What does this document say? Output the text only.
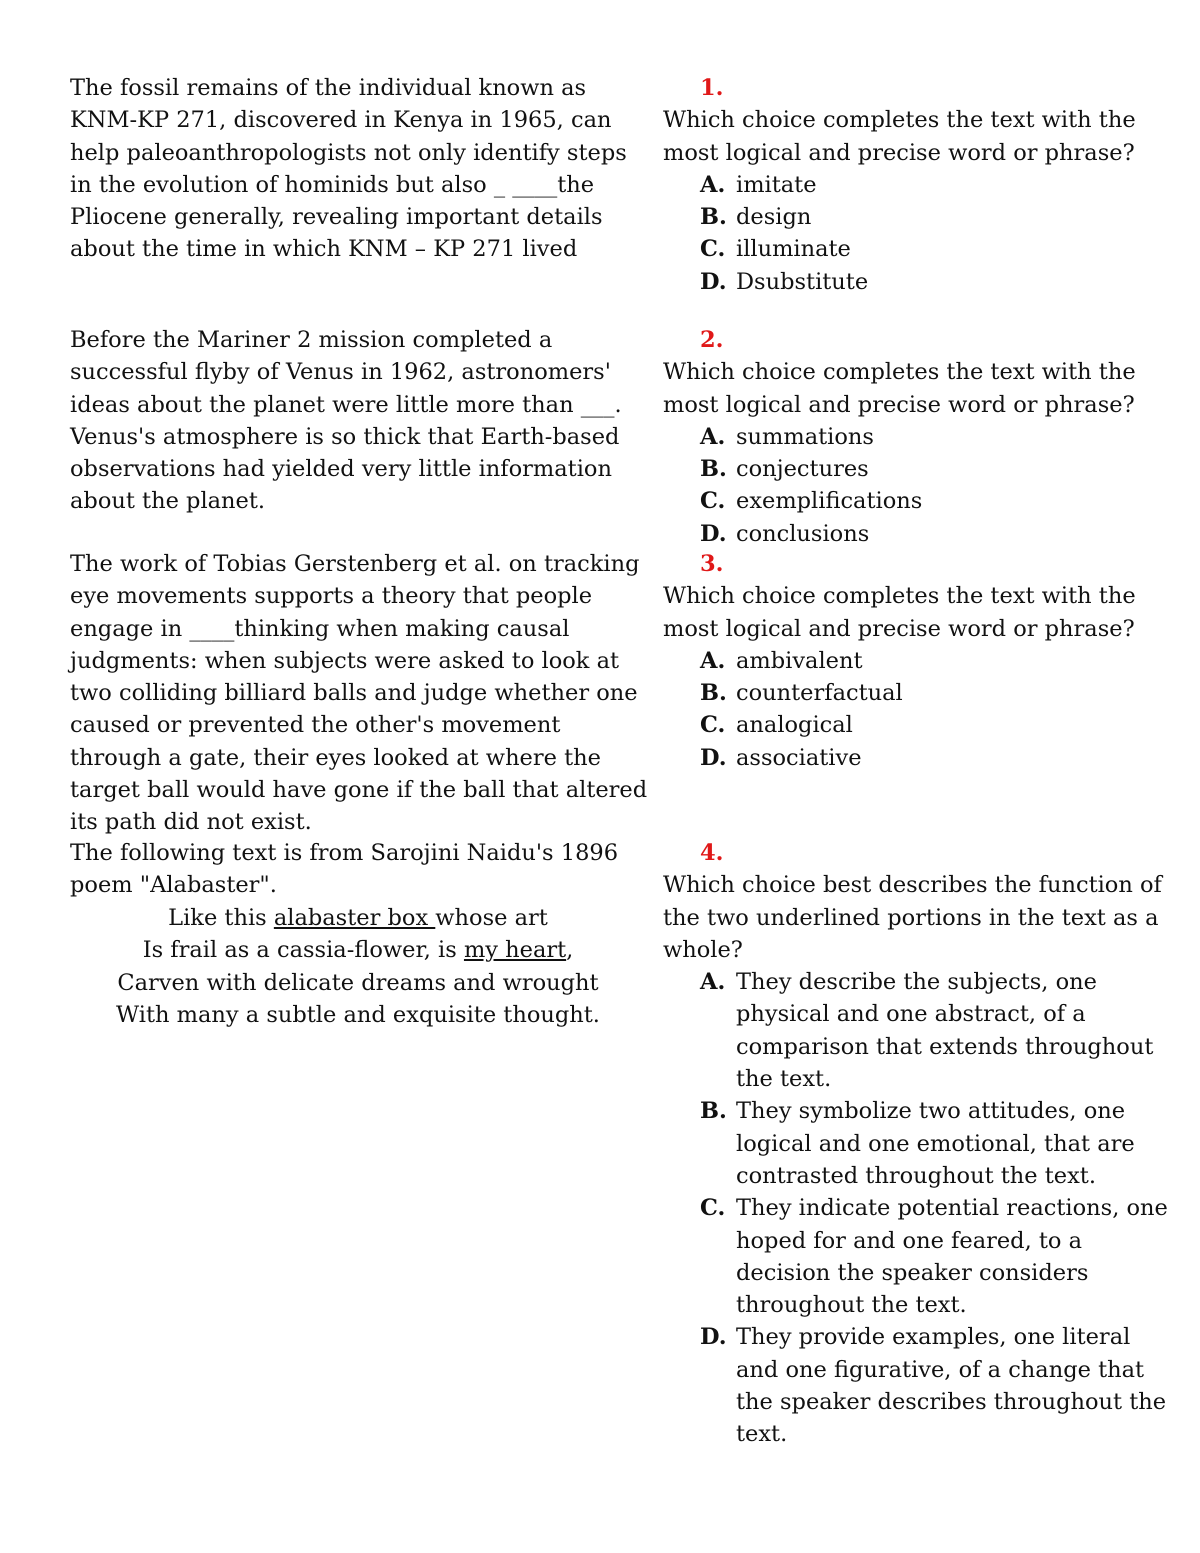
The fossil remains of the individual known as KNM-KP 271, discovered in Kenya in 1965, can help paleoanthropologists not only identify steps in the evolution of hominids but also _ ____the Pliocene generally, revealing important details about the time in which KNM – KP 271 lived

Before the Mariner 2 mission completed a successful flyby of Venus in 1962, astronomers' ideas about the planet were little more than ___. Venus's atmosphere is so thick that Earth-based observations had yielded very little information about the planet.

The work of Tobias Gerstenberg et al. on tracking eye movements supports a theory that people engage in ____thinking when making causal judgments: when subjects were asked to look at two colliding billiard balls and judge whether one caused or prevented the other's movement through a gate, their eyes looked at where the target ball would have gone if the ball that altered its path did not exist.

The following text is from Sarojini Naidu's 1896 poem "Alabaster".

Like this alabaster box whose art

Is frail as a cassia-flower, is my heart,

Carven with delicate dreams and wrought

With many a subtle and exquisite thought.

1.

Which choice completes the text with the most logical and precise word or phrase?

A. imitate
B. design
C. illuminate
D. Dsubstitute

2.

Which choice completes the text with the most logical and precise word or phrase?

A. summations
B. conjectures
C. exemplifications
D. conclusions

3.

Which choice completes the text with the most logical and precise word or phrase?

A. ambivalent
B. counterfactual
C. analogical
D. associative

4.

Which choice best describes the function of the two underlined portions in the text as a whole?

A. They describe the subjects, one physical and one abstract, of a comparison that extends throughout the text.
B. They symbolize two attitudes, one logical and one emotional, that are contrasted throughout the text.
C. They indicate potential reactions, one hoped for and one feared, to a decision the speaker considers throughout the text.
D. They provide examples, one literal and one figurative, of a change that the speaker describes throughout the text.
